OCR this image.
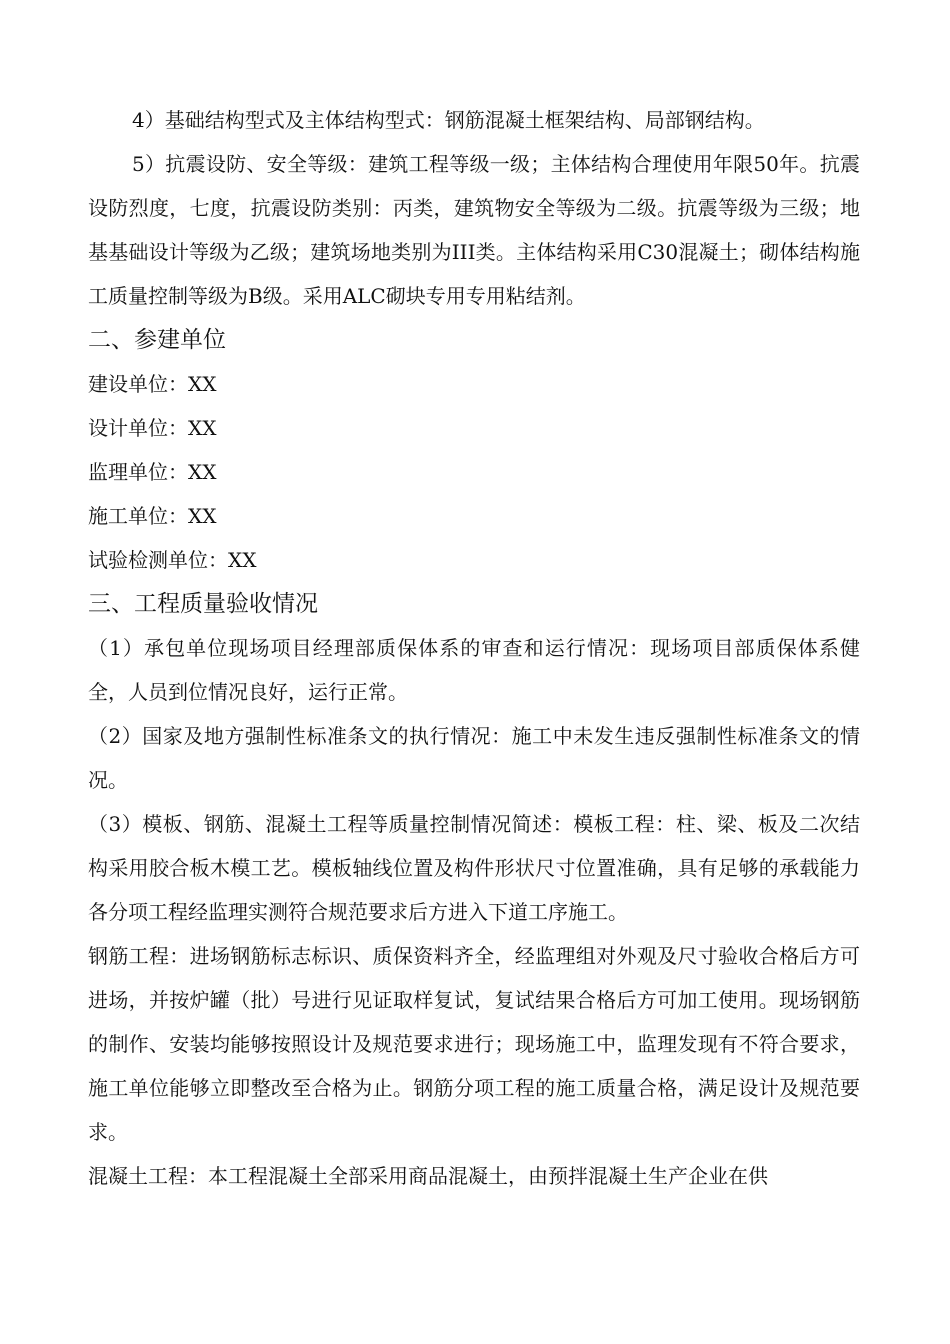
4）基础结构型式及主体结构型式：钢筋混凝土框架结构、局部钢结构。

5）抗震设防、安全等级：建筑工程等级一级；主体结构合理使用年限50年。抗震设防烈度，七度，抗震设防类别：丙类，建筑物安全等级为二级。抗震等级为三级；地基基础设计等级为乙级；建筑场地类别为III类。主体结构采用C30混凝土；砌体结构施工质量控制等级为B级。采用ALC砌块专用专用粘结剂。

二、参建单位

建设单位：XX

设计单位：XX

监理单位：XX

施工单位：XX

试验检测单位：XX

三、工程质量验收情况

（1）承包单位现场项目经理部质保体系的审查和运行情况：现场项目部质保体系健全，人员到位情况良好，运行正常。

（2）国家及地方强制性标准条文的执行情况：施工中未发生违反强制性标准条文的情况。

（3）模板、钢筋、混凝土工程等质量控制情况简述：模板工程：柱、梁、板及二次结构采用胶合板木模工艺。模板轴线位置及构件形状尺寸位置准确，具有足够的承载能力各分项工程经监理实测符合规范要求后方进入下道工序施工。

钢筋工程：进场钢筋标志标识、质保资料齐全，经监理组对外观及尺寸验收合格后方可进场，并按炉罐（批）号进行见证取样复试，复试结果合格后方可加工使用。现场钢筋的制作、安装均能够按照设计及规范要求进行；现场施工中，监理发现有不符合要求，施工单位能够立即整改至合格为止。钢筋分项工程的施工质量合格，满足设计及规范要求。

混凝土工程：本工程混凝土全部采用商品混凝土，由预拌混凝土生产企业在供
